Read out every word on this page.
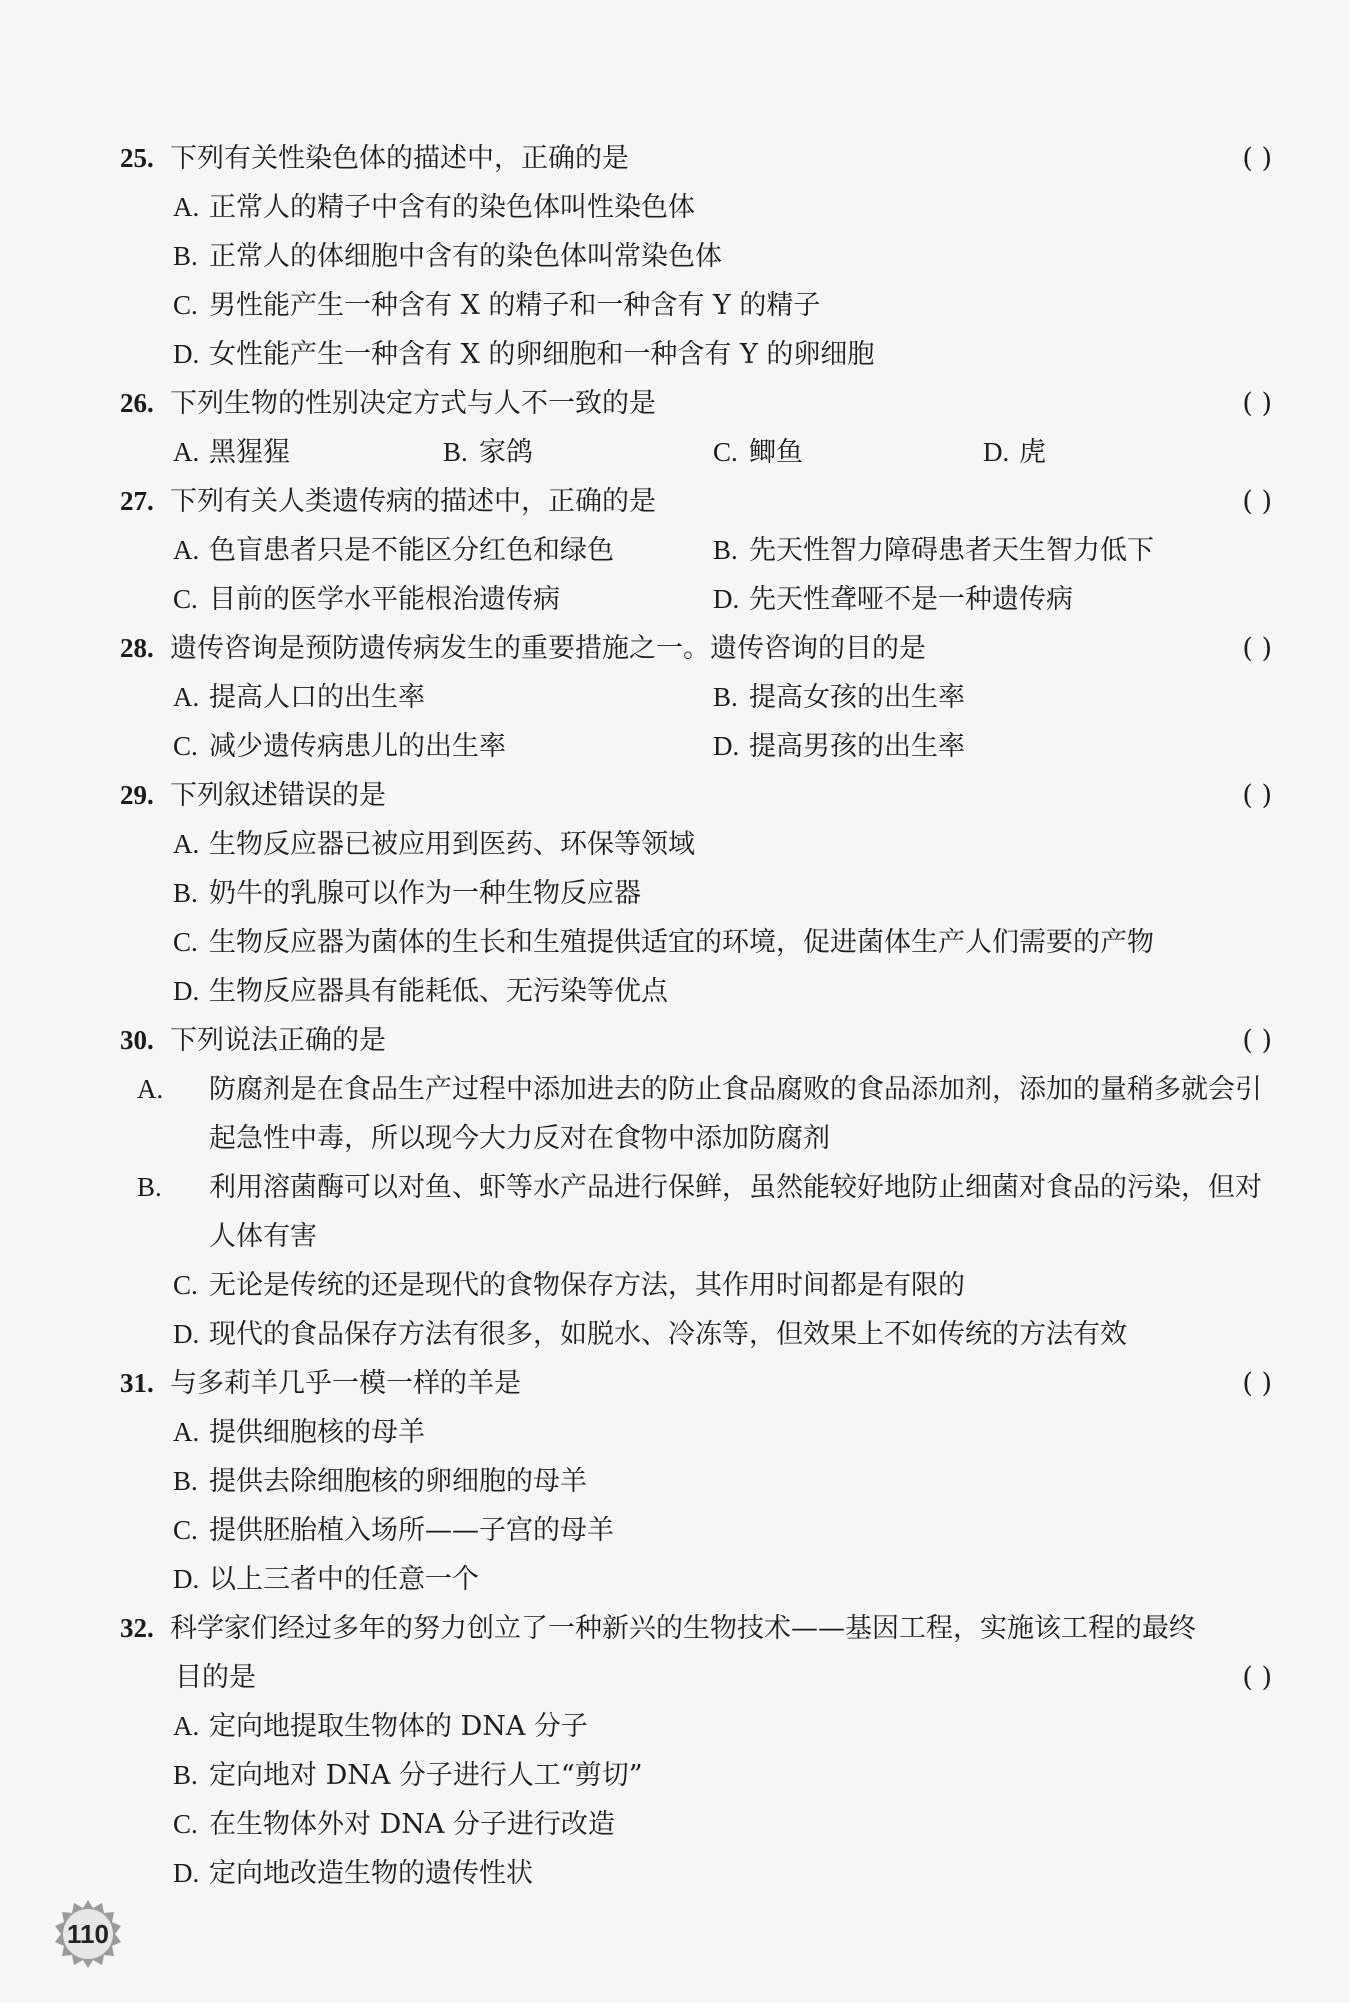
25. 下列有关性染色体的描述中，正确的是	( )
A. 正常人的精子中含有的染色体叫性染色体
B. 正常人的体细胞中含有的染色体叫常染色体
C. 男性能产生一种含有 X 的精子和一种含有 Y 的精子
D. 女性能产生一种含有 X 的卵细胞和一种含有 Y 的卵细胞
26. 下列生物的性别决定方式与人不一致的是	( )
A. 黑猩猩	B. 家鸽	C. 鲫鱼	D. 虎
27. 下列有关人类遗传病的描述中，正确的是	( )
A. 色盲患者只是不能区分红色和绿色	B. 先天性智力障碍患者天生智力低下
C. 目前的医学水平能根治遗传病	D. 先天性聋哑不是一种遗传病
28. 遗传咨询是预防遗传病发生的重要措施之一。遗传咨询的目的是	( )
A. 提高人口的出生率	B. 提高女孩的出生率
C. 减少遗传病患儿的出生率	D. 提高男孩的出生率
29. 下列叙述错误的是	( )
A. 生物反应器已被应用到医药、环保等领域
B. 奶牛的乳腺可以作为一种生物反应器
C. 生物反应器为菌体的生长和生殖提供适宜的环境，促进菌体生产人们需要的产物
D. 生物反应器具有能耗低、无污染等优点
30. 下列说法正确的是	( )
A. 防腐剂是在食品生产过程中添加进去的防止食品腐败的食品添加剂，添加的量稍多就会引起急性中毒，所以现今大力反对在食物中添加防腐剂
B. 利用溶菌酶可以对鱼、虾等水产品进行保鲜，虽然能较好地防止细菌对食品的污染，但对人体有害
C. 无论是传统的还是现代的食物保存方法，其作用时间都是有限的
D. 现代的食品保存方法有很多，如脱水、冷冻等，但效果上不如传统的方法有效
31. 与多莉羊几乎一模一样的羊是	( )
A. 提供细胞核的母羊
B. 提供去除细胞核的卵细胞的母羊
C. 提供胚胎植入场所——子宫的母羊
D. 以上三者中的任意一个
32. 科学家们经过多年的努力创立了一种新兴的生物技术——基因工程，实施该工程的最终
目的是	( )
A. 定向地提取生物体的 DNA 分子
B. 定向地对 DNA 分子进行人工“剪切”
C. 在生物体外对 DNA 分子进行改造
D. 定向地改造生物的遗传性状
110
